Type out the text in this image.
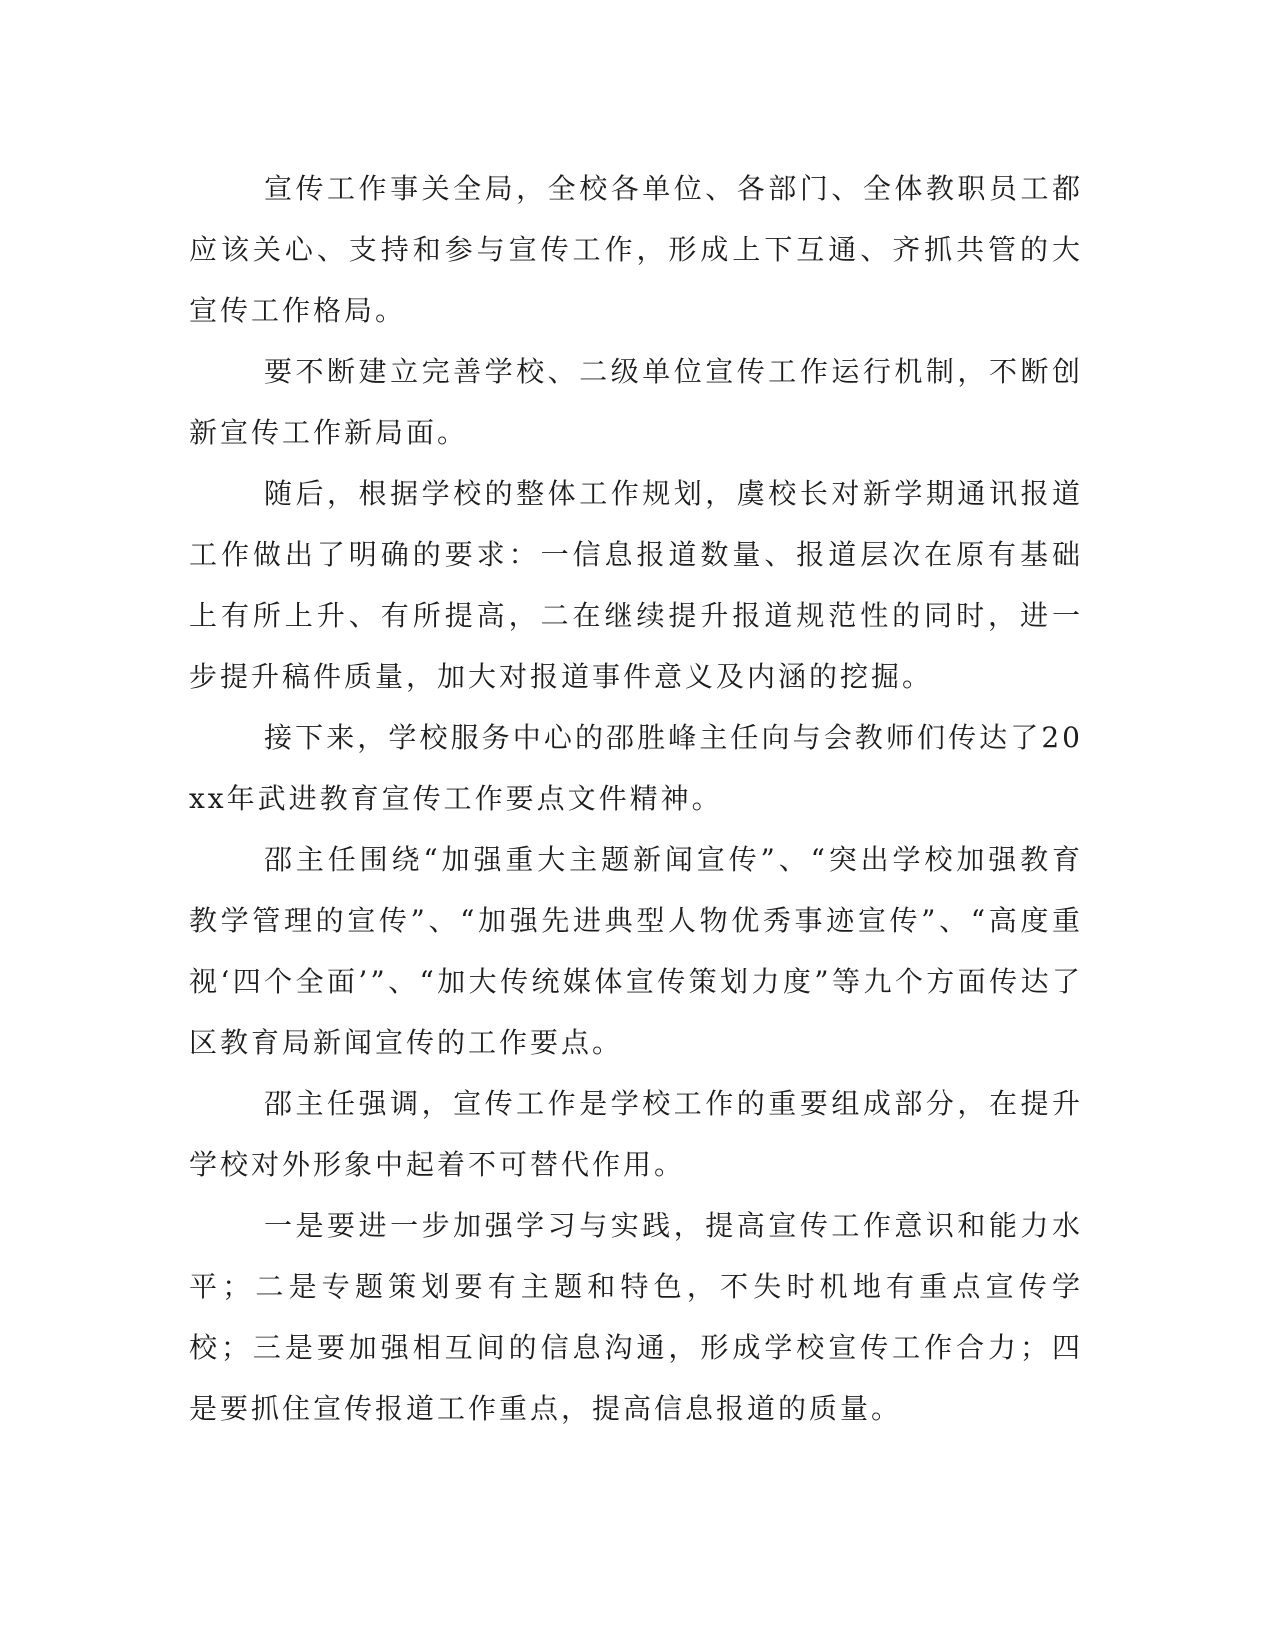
宣传工作事关全局，全校各单位、各部门、全体教职员工都应该关心、支持和参与宣传工作，形成上下互通、齐抓共管的大宣传工作格局。

要不断建立完善学校、二级单位宣传工作运行机制，不断创新宣传工作新局面。

随后，根据学校的整体工作规划，虞校长对新学期通讯报道工作做出了明确的要求：一信息报道数量、报道层次在原有基础上有所上升、有所提高，二在继续提升报道规范性的同时，进一步提升稿件质量，加大对报道事件意义及内涵的挖掘。

接下来，学校服务中心的邵胜峰主任向与会教师们传达了20xx年武进教育宣传工作要点文件精神。

邵主任围绕“加强重大主题新闻宣传”、“突出学校加强教育教学管理的宣传”、“加强先进典型人物优秀事迹宣传”、“高度重视‘四个全面’”、“加大传统媒体宣传策划力度”等九个方面传达了区教育局新闻宣传的工作要点。

邵主任强调，宣传工作是学校工作的重要组成部分，在提升学校对外形象中起着不可替代作用。

一是要进一步加强学习与实践，提高宣传工作意识和能力水平；二是专题策划要有主题和特色，不失时机地有重点宣传学校；三是要加强相互间的信息沟通，形成学校宣传工作合力；四是要抓住宣传报道工作重点，提高信息报道的质量。
